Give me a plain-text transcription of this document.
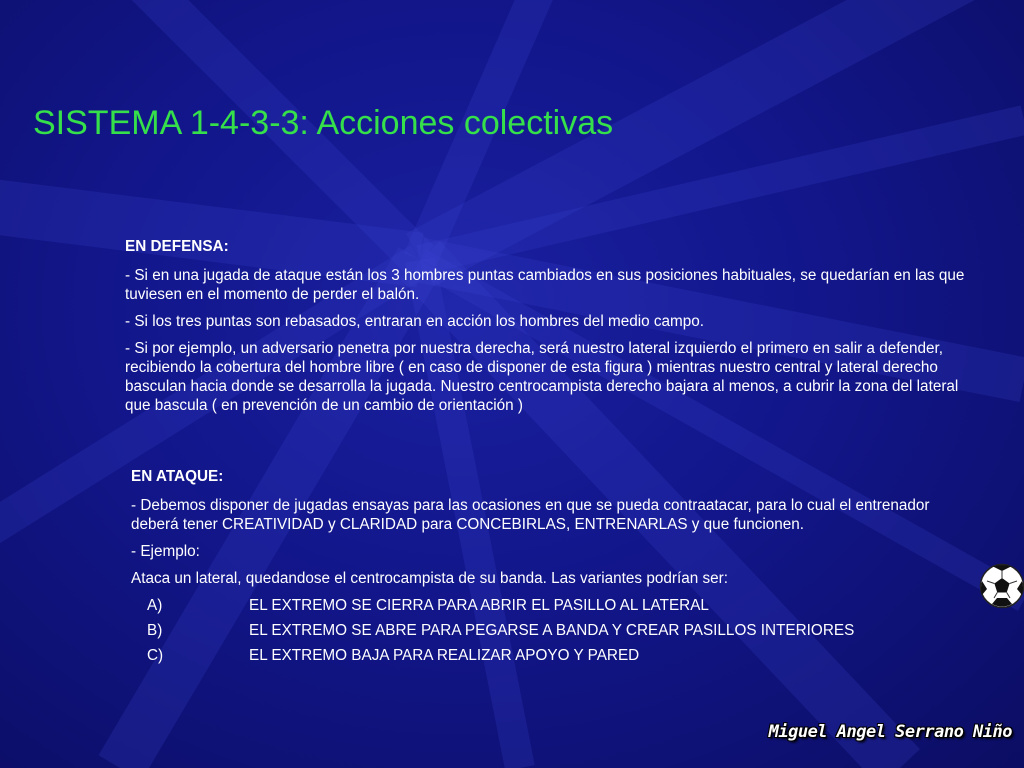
SISTEMA 1-4-3-3: Acciones colectivas

EN DEFENSA:

- Si en una jugada de ataque están los 3 hombres puntas cambiados en sus posiciones habituales, se quedarían en las que tuviesen en el momento de perder el balón.

- Si los tres puntas son rebasados, entraran en acción los hombres del medio campo.

- Si por ejemplo, un adversario penetra por nuestra derecha, será nuestro lateral izquierdo el primero en salir a defender, recibiendo la cobertura del hombre libre ( en caso de disponer de esta figura ) mientras nuestro central y lateral derecho basculan hacia donde se desarrolla la jugada. Nuestro centrocampista derecho bajara al menos, a cubrir la zona del lateral que bascula ( en prevención de un cambio de orientación )

EN ATAQUE:

- Debemos disponer de jugadas ensayas para las ocasiones en que se pueda contraatacar, para lo cual el entrenador deberá tener CREATIVIDAD y CLARIDAD para CONCEBIRLAS, ENTRENARLAS y que funcionen.

- Ejemplo:

Ataca un lateral, quedandose el centrocampista de su banda. Las variantes podrían ser:

A)	EL EXTREMO SE CIERRA PARA ABRIR EL PASILLO AL LATERAL
B)	EL EXTREMO SE ABRE PARA PEGARSE A BANDA Y CREAR PASILLOS INTERIORES
C)	EL EXTREMO BAJA PARA REALIZAR APOYO Y PARED
Miguel Angel Serrano Niño
